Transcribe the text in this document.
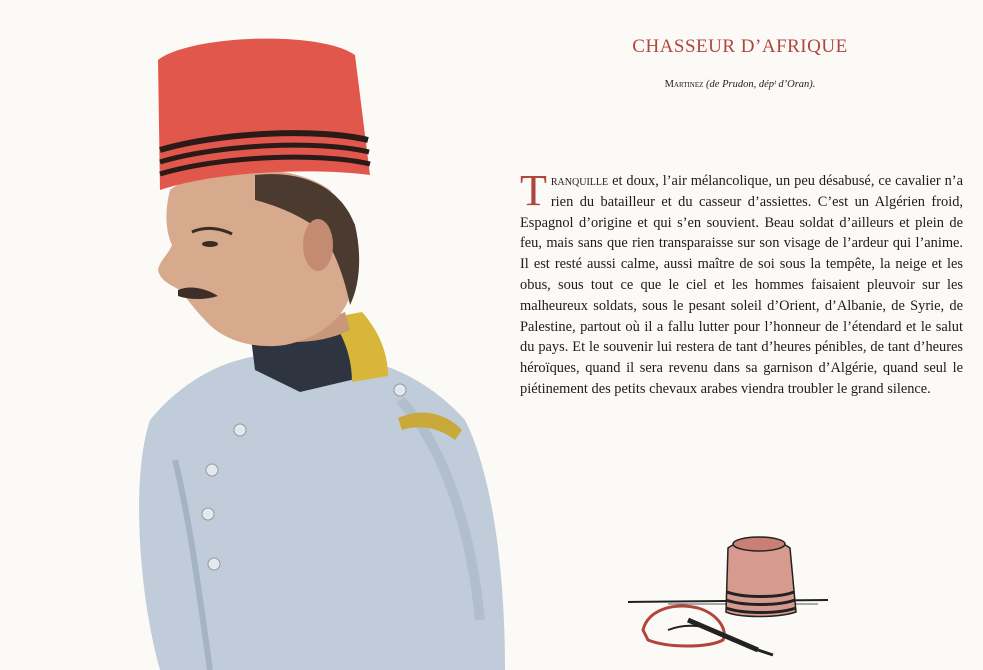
CHASSEUR D’AFRIQUE
Martinez (de Prudon, dépᵗ d’Oran).
Tranquille et doux, l’air mélancolique, un peu désabusé, ce cavalier n’a rien du batailleur et du casseur d’assiettes. C’est un Algérien froid, Espagnol d’origine et qui s’en souvient. Beau soldat d’ailleurs et plein de feu, mais sans que rien transparaisse sur son visage de l’ardeur qui l’anime. Il est resté aussi calme, aussi maître de soi sous la tempête, la neige et les obus, sous tout ce que le ciel et les hommes faisaient pleuvoir sur les malheureux soldats, sous le pesant soleil d’Orient, d’Albanie, de Syrie, de Palestine, partout où il a fallu lutter pour l’honneur de l’étendard et le salut du pays. Et le souvenir lui restera de tant d’heures pénibles, de tant d’heures héroïques, quand il sera revenu dans sa garnison d’Algérie, quand seul le piétinement des petits chevaux arabes viendra troubler le grand silence.
